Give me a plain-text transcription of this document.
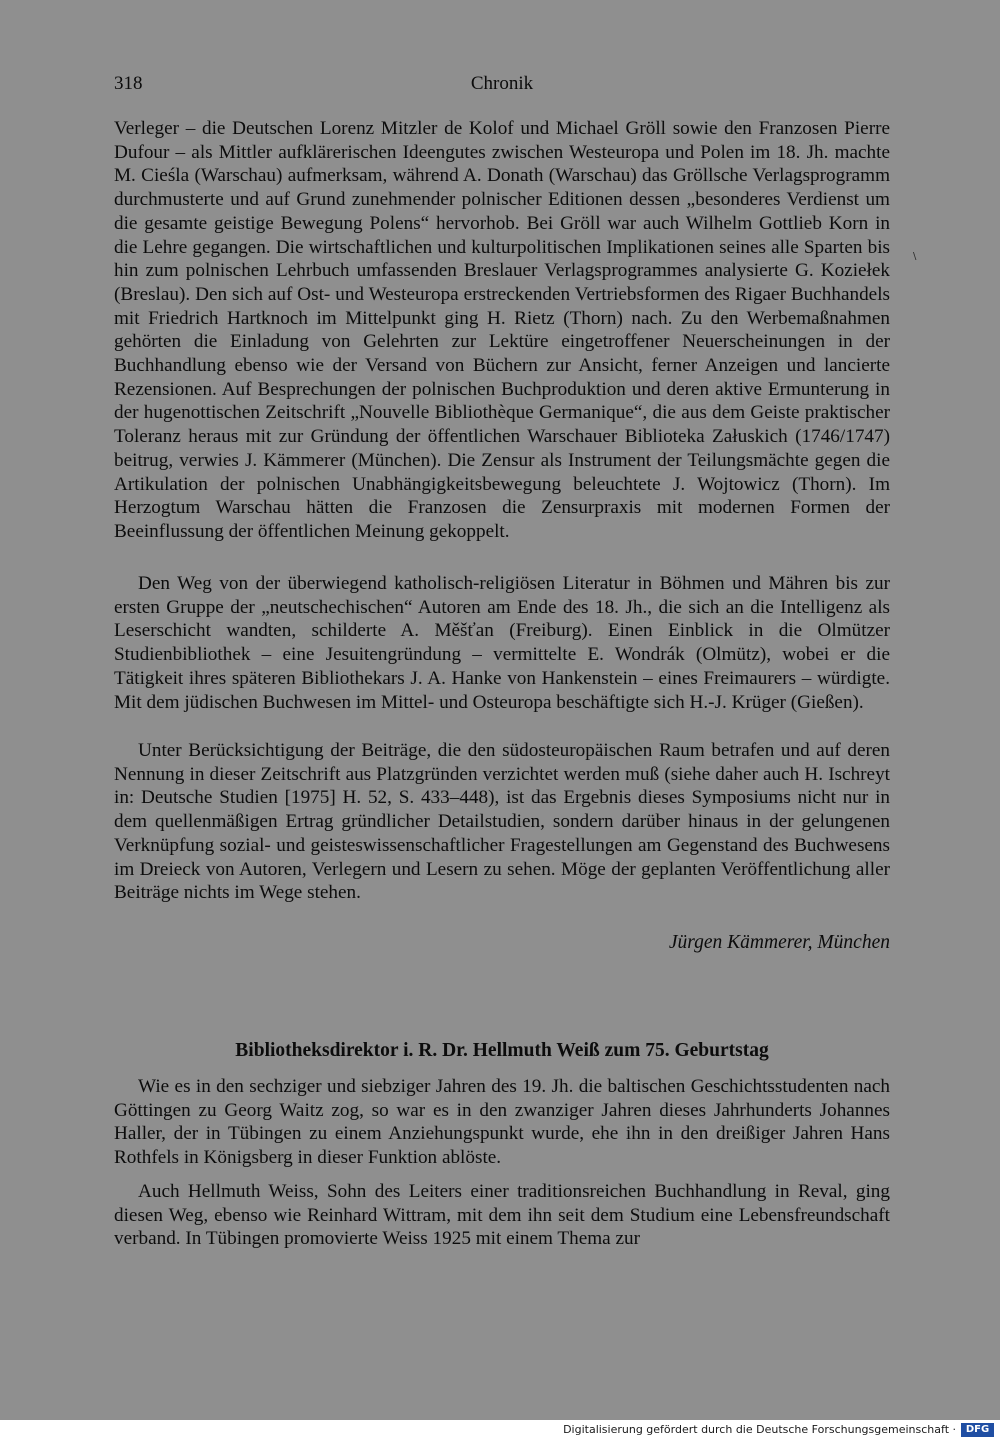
318	Chronik
\

Verleger – die Deutschen Lorenz Mitzler de Kolof und Michael Gröll sowie den Franzosen Pierre Dufour – als Mittler aufklärerischen Ideengutes zwischen Westeuropa und Polen im 18. Jh. machte M. Cieśla (Warschau) aufmerksam, während A. Donath (Warschau) das Gröllsche Verlagsprogramm durchmusterte und auf Grund zunehmender polnischer Editionen dessen „besonderes Verdienst um die gesamte geistige Bewegung Polens“ hervorhob. Bei Gröll war auch Wilhelm Gottlieb Korn in die Lehre gegangen. Die wirtschaftlichen und kulturpolitischen Implikationen seines alle Sparten bis hin zum polnischen Lehrbuch umfassenden Breslauer Verlagsprogrammes analysierte G. Koziełek (Breslau). Den sich auf Ost- und Westeuropa erstreckenden Vertriebsformen des Rigaer Buchhandels mit Friedrich Hartknoch im Mittelpunkt ging H. Rietz (Thorn) nach. Zu den Werbemaßnahmen gehörten die Einladung von Gelehrten zur Lektüre eingetroffener Neuerscheinungen in der Buchhandlung ebenso wie der Versand von Büchern zur Ansicht, ferner Anzeigen und lancierte Rezensionen. Auf Besprechungen der polnischen Buchproduktion und deren aktive Ermunterung in der hugenottischen Zeitschrift „Nouvelle Bibliothèque Germanique“, die aus dem Geiste praktischer Toleranz heraus mit zur Gründung der öffentlichen Warschauer Biblioteka Załuskich (1746/1747) beitrug, verwies J. Kämmerer (München). Die Zensur als Instrument der Teilungsmächte gegen die Artikulation der polnischen Unabhängigkeitsbewegung beleuchtete J. Wojtowicz (Thorn). Im Herzogtum Warschau hätten die Franzosen die Zensurpraxis mit modernen Formen der Beeinflussung der öffentlichen Meinung gekoppelt.

Den Weg von der überwiegend katholisch-religiösen Literatur in Böhmen und Mähren bis zur ersten Gruppe der „neutschechischen“ Autoren am Ende des 18. Jh., die sich an die Intelligenz als Leserschicht wandten, schilderte A. Měšťan (Freiburg). Einen Einblick in die Olmützer Studienbibliothek – eine Jesuitengründung – vermittelte E. Wondrák (Olmütz), wobei er die Tätigkeit ihres späteren Bibliothekars J. A. Hanke von Hankenstein – eines Freimaurers – würdigte. Mit dem jüdischen Buchwesen im Mittel- und Osteuropa beschäftigte sich H.-J. Krüger (Gießen).

Unter Berücksichtigung der Beiträge, die den südosteuropäischen Raum betrafen und auf deren Nennung in dieser Zeitschrift aus Platzgründen verzichtet werden muß (siehe daher auch H. Ischreyt in: Deutsche Studien [1975] H. 52, S. 433–448), ist das Ergebnis dieses Symposiums nicht nur in dem quellenmäßigen Ertrag gründlicher Detailstudien, sondern darüber hinaus in der gelungenen Verknüpfung sozial- und geisteswissenschaftlicher Fragestellungen am Gegenstand des Buchwesens im Dreieck von Autoren, Verlegern und Lesern zu sehen. Möge der geplanten Veröffentlichung aller Beiträge nichts im Wege stehen.

Jürgen Kämmerer, München
Bibliotheksdirektor i. R. Dr. Hellmuth Weiß zum 75. Geburtstag

Wie es in den sechziger und siebziger Jahren des 19. Jh. die baltischen Geschichtsstudenten nach Göttingen zu Georg Waitz zog, so war es in den zwanziger Jahren dieses Jahrhunderts Johannes Haller, der in Tübingen zu einem Anziehungspunkt wurde, ehe ihn in den dreißiger Jahren Hans Rothfels in Königsberg in dieser Funktion ablöste.

Auch Hellmuth Weiss, Sohn des Leiters einer traditionsreichen Buchhandlung in Reval, ging diesen Weg, ebenso wie Reinhard Wittram, mit dem ihn seit dem Studium eine Lebensfreundschaft verband. In Tübingen promovierte Weiss 1925 mit einem Thema zur

Digitalisierung gefördert durch die Deutsche Forschungsgemeinschaft · DFG
